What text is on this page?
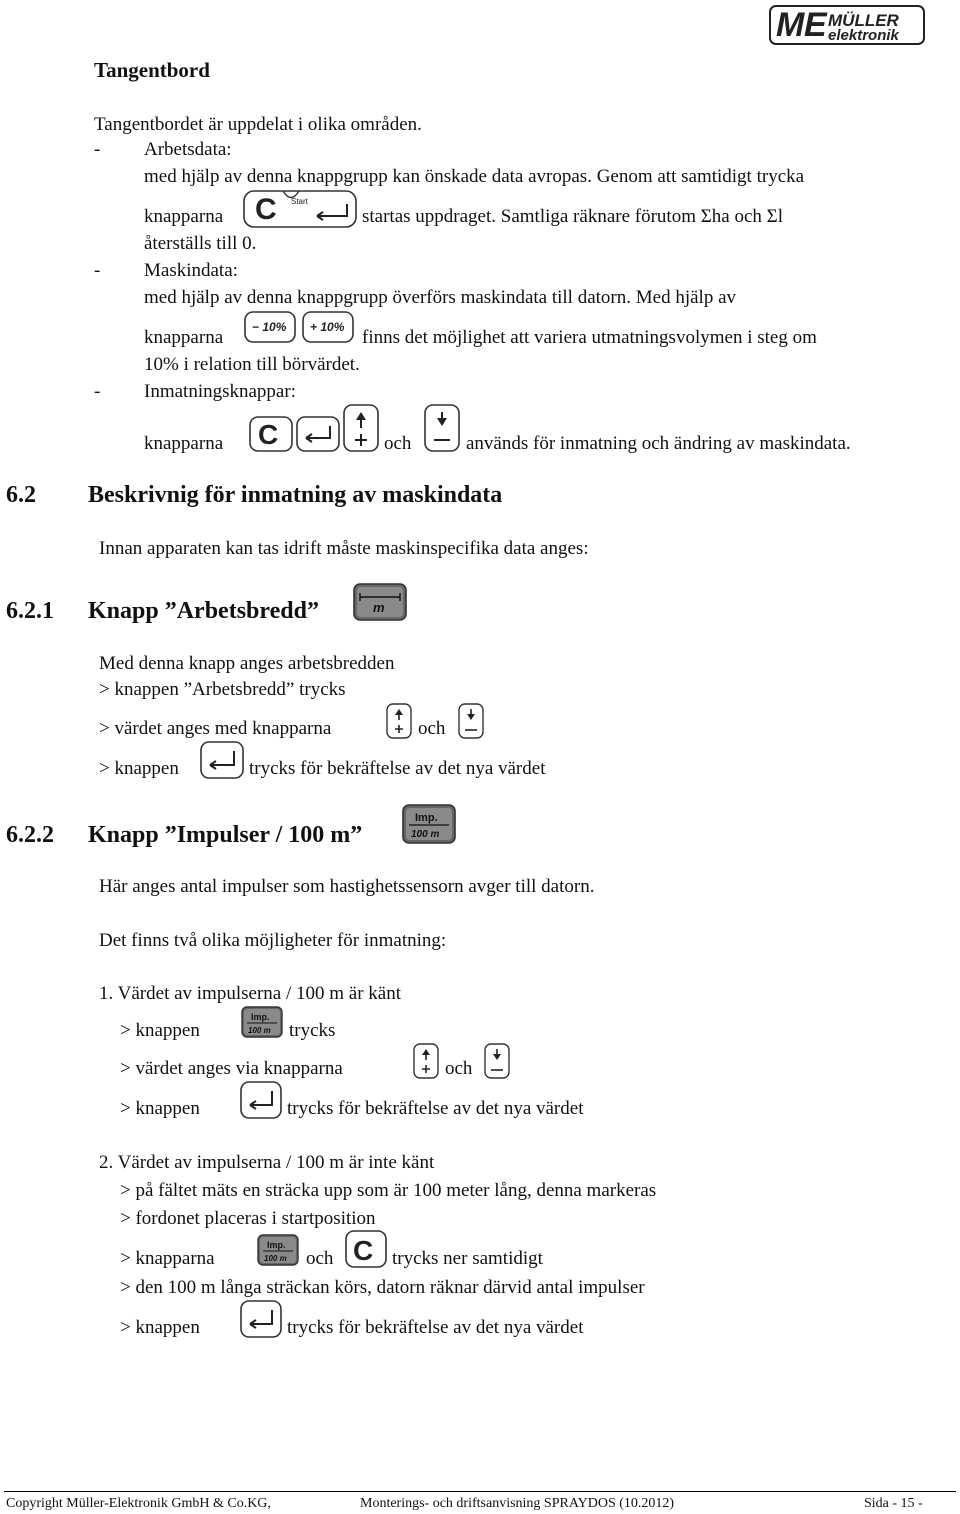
M E MÜLLER
elektronik
Tangentbord
Tangentbordet är uppdelat i olika områden.
- Arbetsdata:
med hjälp av denna knappgrupp kan önskade data avropas. Genom att samtidigt trycka
knapparna C Start
startas uppdraget. Samtliga räknare förutom Σha och Σl
återställs till 0.
- Maskindata:
med hjälp av denna knappgrupp överförs maskindata till datorn. Med hjälp av
knapparna − 10% + 10% finns det möjlighet att variera utmatningsvolymen i steg om
10% i relation till börvärdet.
- Inmatningsknappar:
knapparna C	och	används för inmatning och ändring av maskindata.
6.2 Beskrivnig för inmatning av maskindata
Innan apparaten kan tas idrift måste maskinspecifika data anges:
6.2.1 Knapp ”Arbetsbredd”	m
Med denna knapp anges arbetsbredden
> knappen ”Arbetsbredd” trycks
> värdet anges med knapparna	och
> knappen	trycks för bekräftelse av det nya värdet
6.2.2 Knapp ”Impulser / 100 m”
Imp.
100 m
Här anges antal impulser som hastighetssensorn avger till datorn.
Det finns två olika möjligheter för inmatning:
1. Värdet av impulserna / 100 m är känt
> knappen
Imp.
100 m trycks
> värdet anges via knapparna	och
> knappen	trycks för bekräftelse av det nya värdet
2. Värdet av impulserna / 100 m är inte känt
> på fältet mäts en sträcka upp som är 100 meter lång, denna markeras
> fordonet placeras i startposition
> knapparna
Imp.
100 m och C trycks ner samtidigt
> den 100 m långa sträckan körs, datorn räknar därvid antal impulser
> knappen	trycks för bekräftelse av det nya värdet
Copyright Müller-Elektronik GmbH & Co.KG,	Monterings- och driftsanvisning SPRAYDOS (10.2012)	Sida - 15 -
